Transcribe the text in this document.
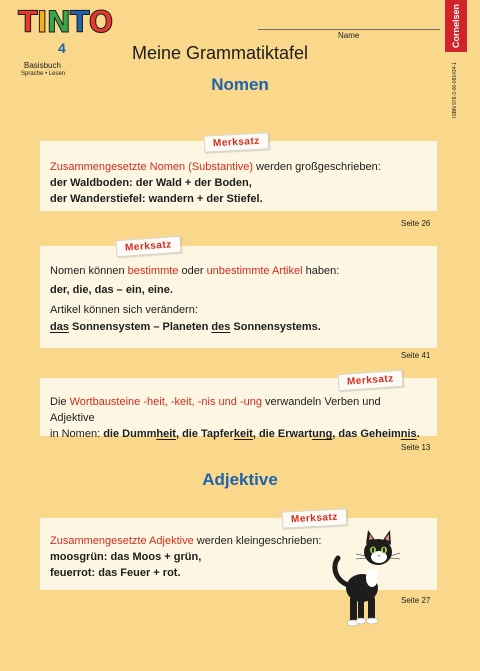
TINTO
4
Basisbuch
Sprache • Lesen
Name
Meine Grammatiktafel
Cornelsen
ISBN 978-3-06-081434-1
Nomen

Zusammengesetzte Nomen (Substantive) werden großgeschrieben:

der Waldboden: der Wald + der Boden,

der Wanderstiefel: wandern + der Stiefel.

Merksatz
Seite 26

Nomen können bestimmte oder unbestimmte Artikel haben:

der, die, das – ein, eine.

Artikel können sich verändern:

das Sonnensystem – Planeten des Sonnensystems.

Merksatz
Seite 41

Die Wortbausteine -heit, -keit, -nis und -ung verwandeln Verben und Adjektive

in Nomen: die Dummheit, die Tapferkeit, die Erwartung, das Geheimnis.

Merksatz
Seite 13
Adjektive

Zusammengesetzte Adjektive werden kleingeschrieben:

moosgrün: das Moos + grün,

feuerrot: das Feuer + rot.

Merksatz
Seite 27
